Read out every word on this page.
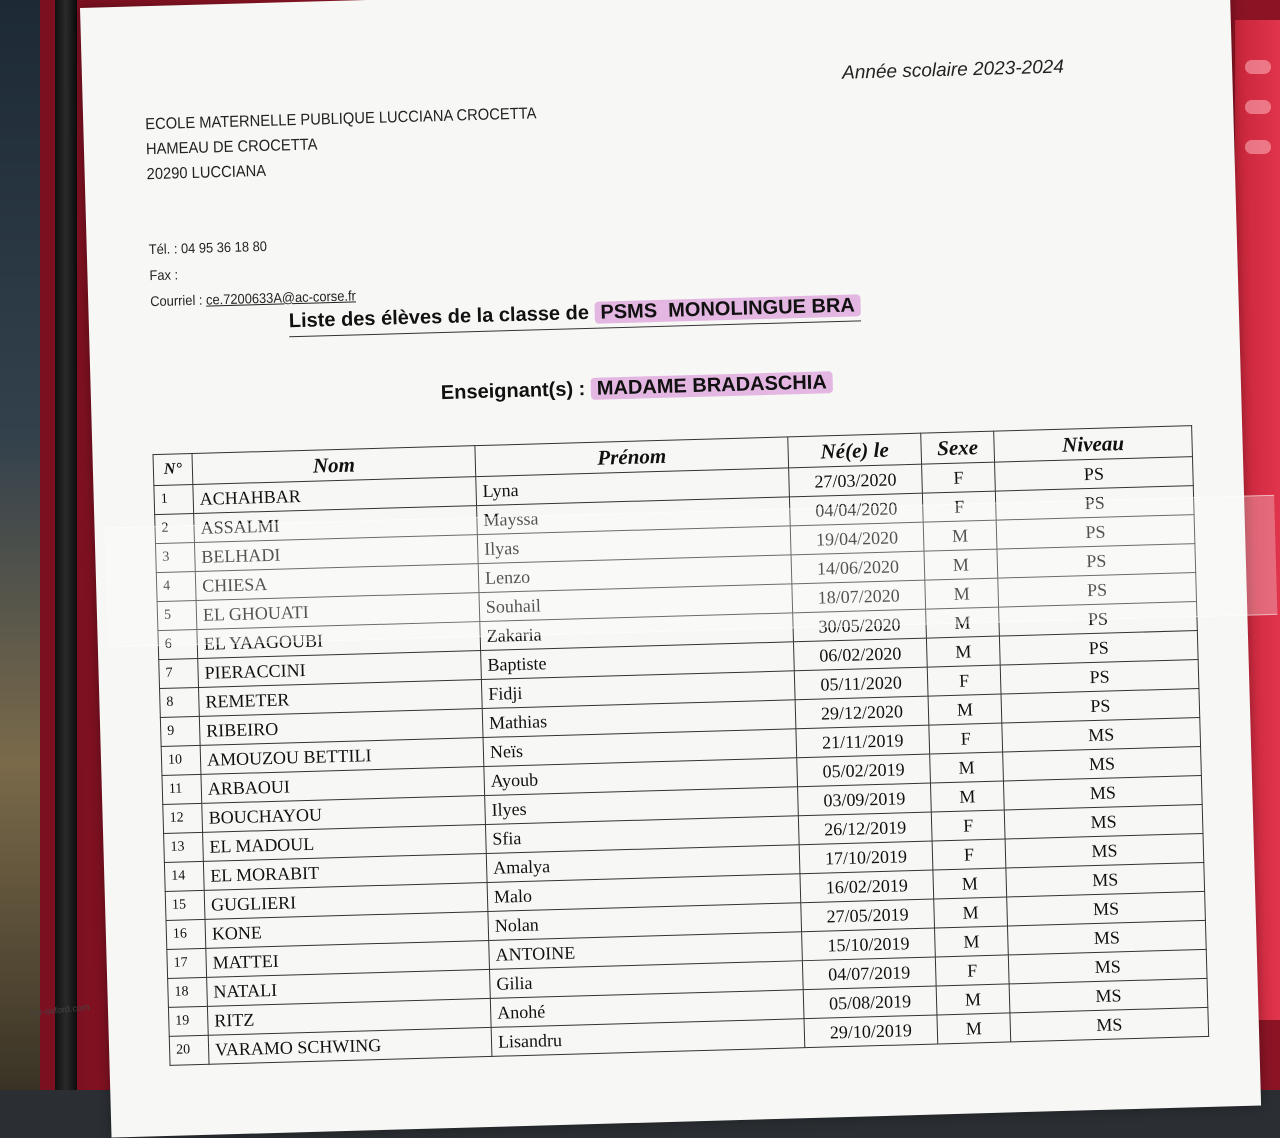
Année scolaire 2023-2024
ECOLE MATERNELLE PUBLIQUE LUCCIANA CROCETTA
HAMEAU DE CROCETTA
20290 LUCCIANA
Tél. : 04 95 36 18 80
Fax :
Courriel : ce.7200633A@ac-corse.fr
Liste des élèves de la classe de PSMS  MONOLINGUE BRA
Enseignant(s) : MADAME BRADASCHIA
N°	Nom	Prénom	Né(e) le	Sexe	Niveau
1	ACHAHBAR	Lyna	27/03/2020	F	PS
2	ASSALMI	Mayssa	04/04/2020	F	PS
3	BELHADI	Ilyas	19/04/2020	M	PS
4	CHIESA	Lenzo	14/06/2020	M	PS
5	EL GHOUATI	Souhail	18/07/2020	M	PS
6	EL YAAGOUBI	Zakaria	30/05/2020	M	PS
7	PIERACCINI	Baptiste	06/02/2020	M	PS
8	REMETER	Fidji	05/11/2020	F	PS
9	RIBEIRO	Mathias	29/12/2020	M	PS
10	AMOUZOU BETTILI	Neïs	21/11/2019	F	MS
11	ARBAOUI	Ayoub	05/02/2019	M	MS
12	BOUCHAYOU	Ilyes	03/09/2019	M	MS
13	EL MADOUL	Sfia	26/12/2019	F	MS
14	EL MORABIT	Amalya	17/10/2019	F	MS
15	GUGLIERI	Malo	16/02/2019	M	MS
16	KONE	Nolan	27/05/2019	M	MS
17	MATTEI	ANTOINE	15/10/2019	M	MS
18	NATALI	Gilia	04/07/2019	F	MS
19	RITZ	Anohé	05/08/2019	M	MS
20	VARAMO SCHWING	Lisandru	29/10/2019	M	MS
my-oxford.com
